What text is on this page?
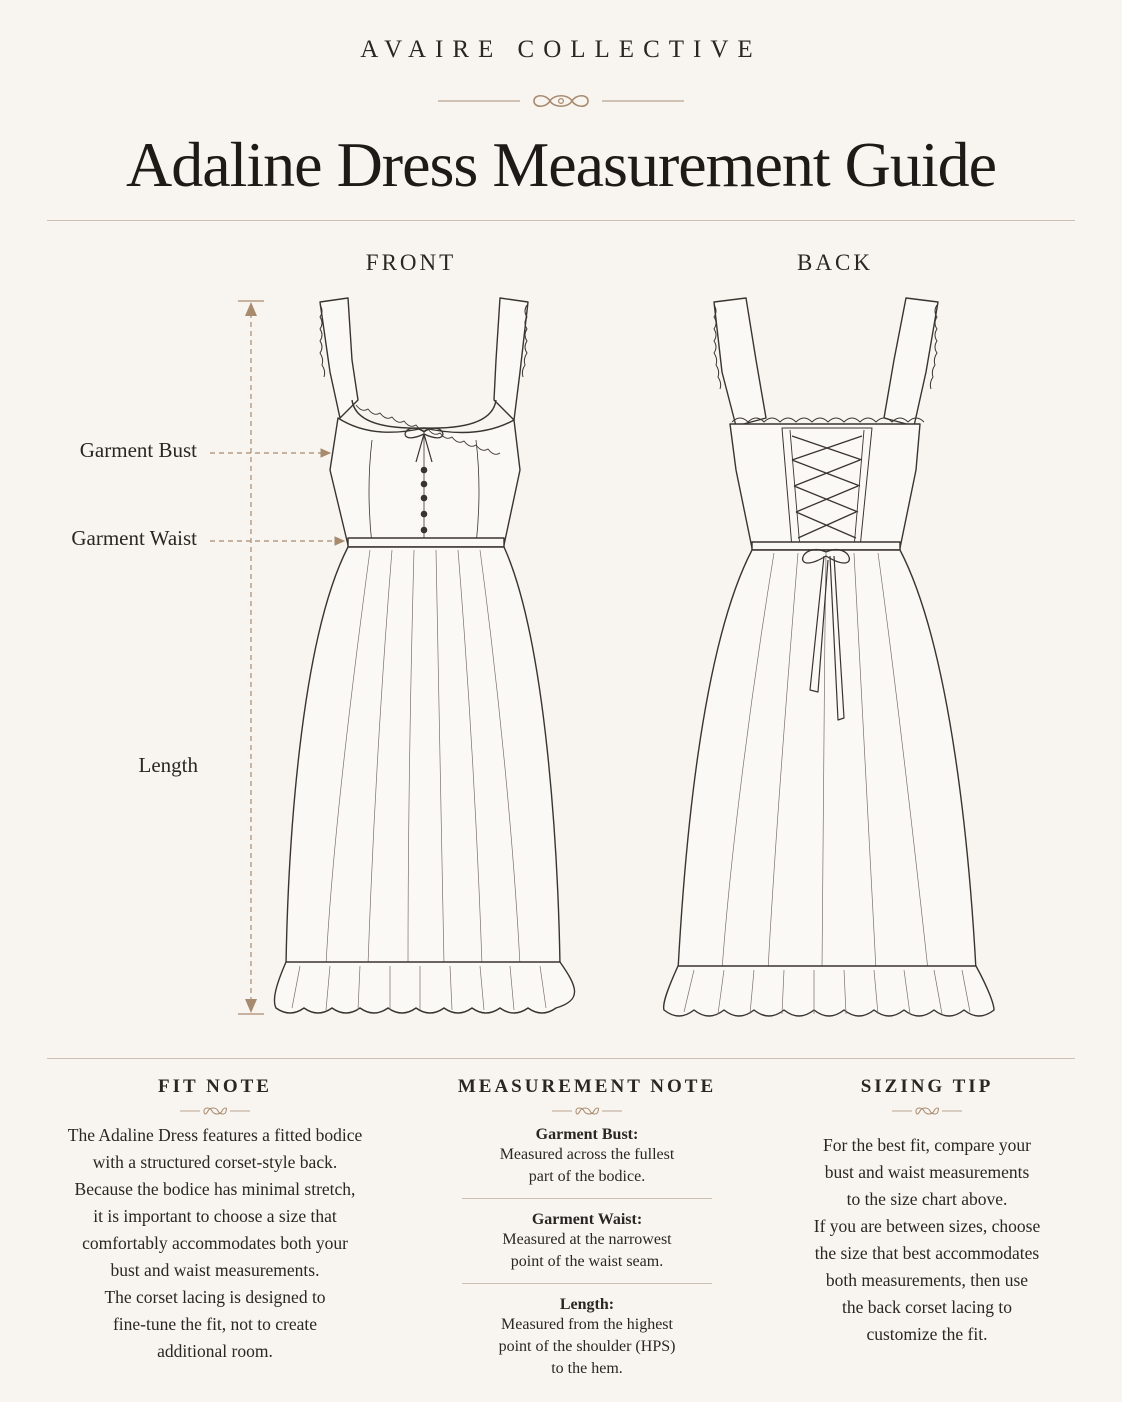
AVAIRE COLLECTIVE
Adaline Dress Measurement Guide
FRONT	BACK
Garment Bust
Garment Waist
Length
FIT NOTE
The Adaline Dress features a fitted bodice
with a structured corset-style back.
Because the bodice has minimal stretch,
it is important to choose a size that
comfortably accommodates both your
bust and waist measurements.
The corset lacing is designed to
fine-tune the fit, not to create
additional room.
MEASUREMENT NOTE
Garment Bust:
Measured across the fullest
part of the bodice.
Garment Waist:
Measured at the narrowest
point of the waist seam.
Length:
Measured from the highest
point of the shoulder (HPS)
to the hem.
SIZING TIP
For the best fit, compare your
bust and waist measurements
to the size chart above.
If you are between sizes, choose
the size that best accommodates
both measurements, then use
the back corset lacing to
customize the fit.
